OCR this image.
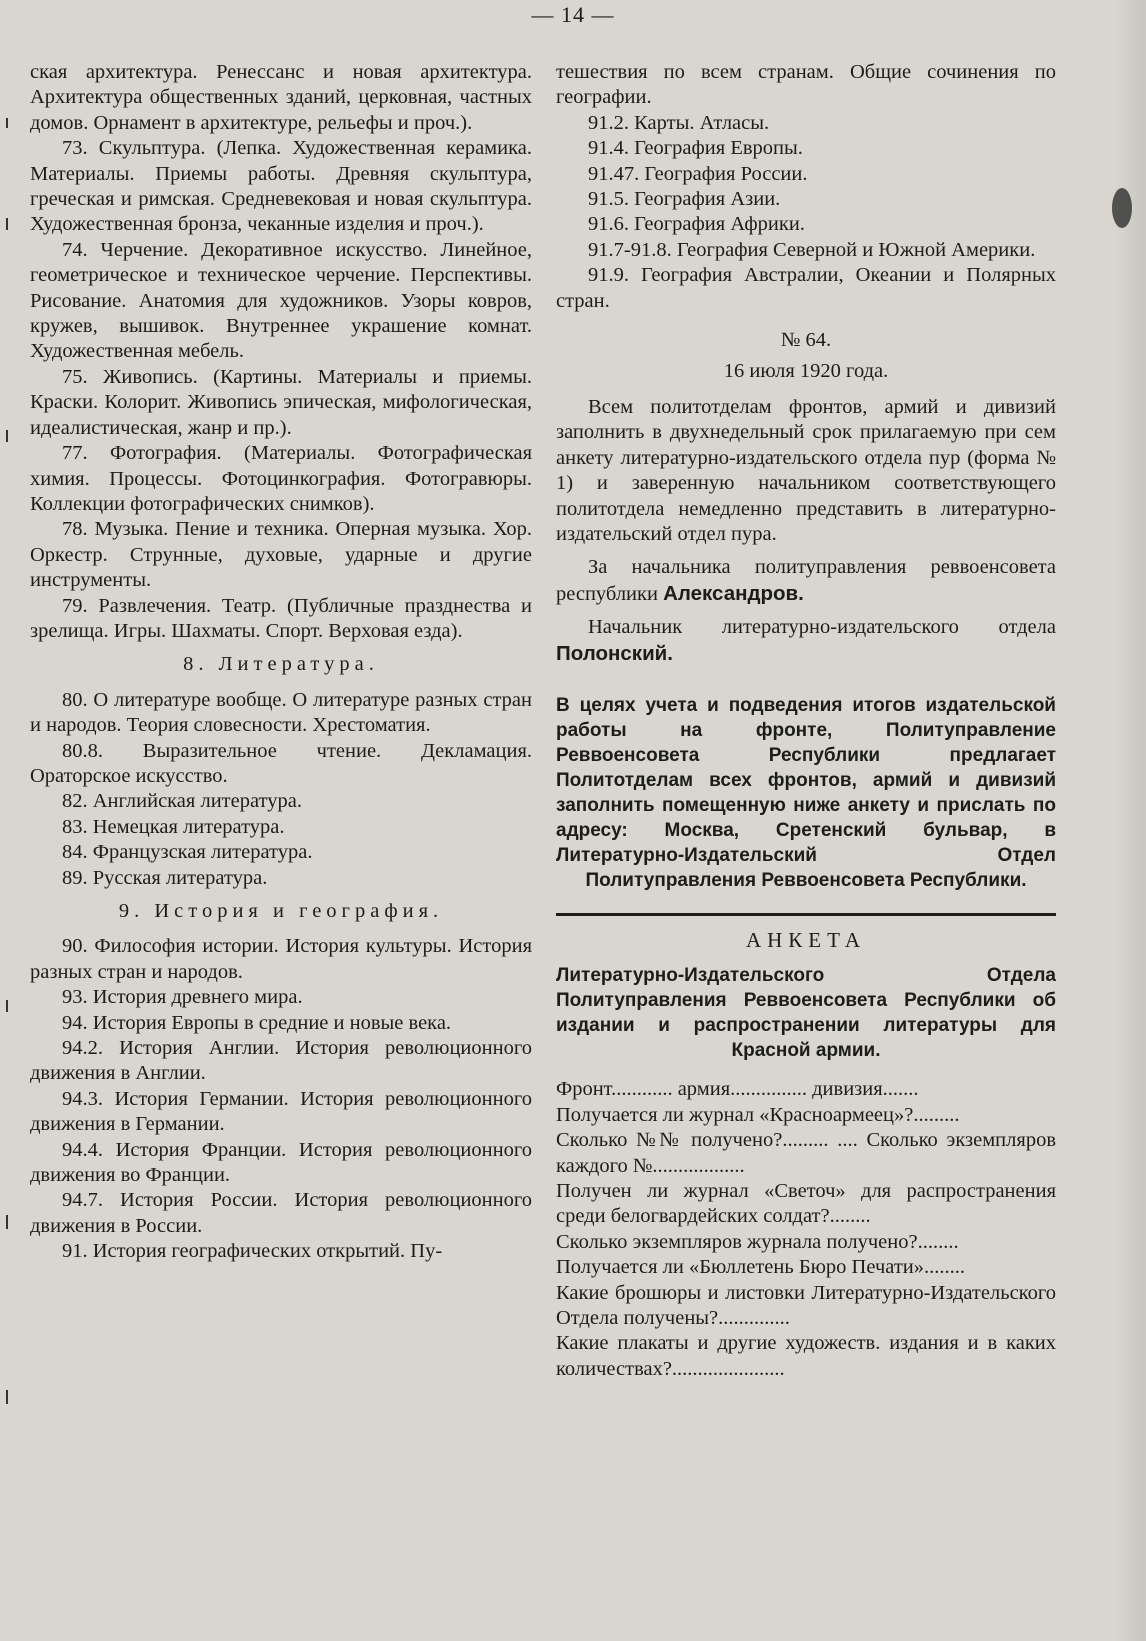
— 14 —

ская архитектура. Ренессанс и новая архитектура. Архитектура общественных зданий, церковная, частных домов. Орнамент в архитектуре, рельефы и проч.).

73. Скульптура. (Лепка. Художественная керамика. Материалы. Приемы работы. Древняя скульптура, греческая и римская. Средневековая и новая скульптура. Художественная бронза, чеканные изделия и проч.).

74. Черчение. Декоративное искусство. Линейное, геометрическое и техническое черчение. Перспективы. Рисование. Анатомия для художников. Узоры ковров, кружев, вышивок. Внутреннее украшение комнат. Художественная мебель.

75. Живопись. (Картины. Материалы и приемы. Краски. Колорит. Живопись эпическая, мифологическая, идеалистическая, жанр и пр.).

77. Фотография. (Материалы. Фотографическая химия. Процессы. Фотоцинкография. Фотогравюры. Коллекции фотографических снимков).

78. Музыка. Пение и техника. Оперная музыка. Хор. Оркестр. Струнные, духовые, ударные и другие инструменты.

79. Развлечения. Театр. (Публичные празднества и зрелища. Игры. Шахматы. Спорт. Верховая езда).

8. Литература.

80. О литературе вообще. О литературе разных стран и народов. Теория словесности. Хрестоматия.

80.8. Выразительное чтение. Декламация. Ораторское искусство.

82. Английская литература.

83. Немецкая литература.

84. Французская литература.

89. Русская литература.

9. История и география.

90. Философия истории. История культуры. История разных стран и народов.

93. История древнего мира.

94. История Европы в средние и новые века.

94.2. История Англии. История революционного движения в Англии.

94.3. История Германии. История революционного движения в Германии.

94.4. История Франции. История революционного движения во Франции.

94.7. История России. История революционного движения в России.

91. История географических открытий. Пу-

тешествия по всем странам. Общие сочинения по географии.

91.2. Карты. Атласы.

91.4. География Европы.

91.47. География России.

91.5. География Азии.

91.6. География Африки.

91.7-91.8. География Северной и Южной Америки.

91.9. География Австралии, Океании и Полярных стран.

№ 64.

16 июля 1920 года.

Всем политотделам фронтов, армий и дивизий заполнить в двухнедельный срок прилагаемую при сем анкету литературно-издательского отдела пур (форма № 1) и заверенную начальником соответствующего политотдела немедленно представить в литературно-издательский отдел пура.

За начальника политуправления реввоенсовета республики Александров.

Начальник литературно-издательского отдела Полонский.

В целях учета и подведения итогов издательской работы на фронте, Политуправление Реввоенсовета Республики предлагает Политотделам всех фронтов, армий и дивизий заполнить помещенную ниже анкету и прислать по адресу: Москва, Сретенский бульвар, в Литературно-Издательский Отдел Политуправления Реввоенсовета Республики.

АНКЕТА

Литературно-Издательского Отдела Политуправления Реввоенсовета Республики об издании и распространении литературы для Красной армии.

Фронт............ армия............... дивизия.......

Получается ли журнал «Красноармеец»?.........

Сколько №№ получено?......... .... Сколько экземпляров каждого №..................

Получен ли журнал «Светоч» для распространения среди белогвардейских солдат?........

Сколько экземпляров журнала получено?........

Получается ли «Бюллетень Бюро Печати»........

Какие брошюры и листовки Литературно-Издательского Отдела получены?..............

Какие плакаты и другие художеств. издания и в каких количествах?......................
